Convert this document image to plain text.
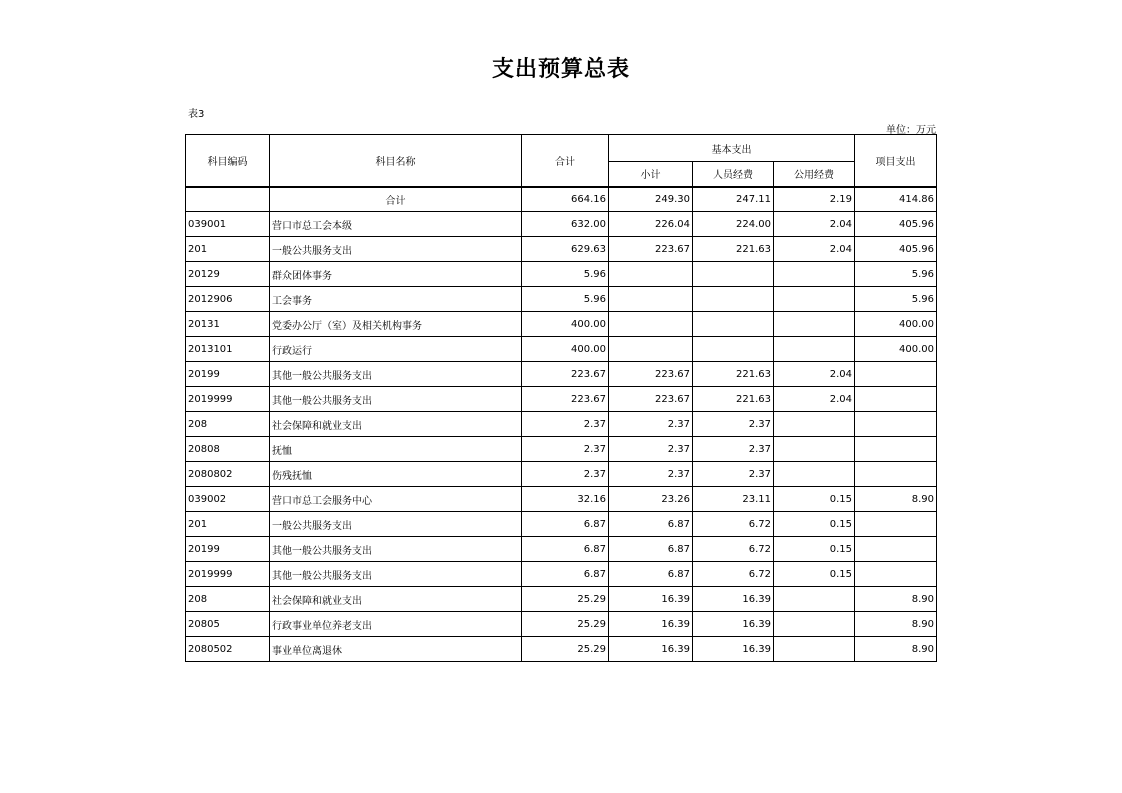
支出预算总表
表3
单位：万元
科目编码	科目名称	合计	基本支出			项目支出
			小计	人员经费	公用经费	
	合计	664.16	249.30	247.11	2.19	414.86
039001	营口市总工会本级	632.00	226.04	224.00	2.04	405.96
201	一般公共服务支出	629.63	223.67	221.63	2.04	405.96
20129	群众团体事务	5.96				5.96
2012906	工会事务	5.96				5.96
20131	党委办公厅（室）及相关机构事务	400.00				400.00
2013101	行政运行	400.00				400.00
20199	其他一般公共服务支出	223.67	223.67	221.63	2.04	
2019999	其他一般公共服务支出	223.67	223.67	221.63	2.04	
208	社会保障和就业支出	2.37	2.37	2.37		
20808	抚恤	2.37	2.37	2.37		
2080802	伤残抚恤	2.37	2.37	2.37		
039002	营口市总工会服务中心	32.16	23.26	23.11	0.15	8.90
201	一般公共服务支出	6.87	6.87	6.72	0.15	
20199	其他一般公共服务支出	6.87	6.87	6.72	0.15	
2019999	其他一般公共服务支出	6.87	6.87	6.72	0.15	
208	社会保障和就业支出	25.29	16.39	16.39		8.90
20805	行政事业单位养老支出	25.29	16.39	16.39		8.90
2080502	事业单位离退休	25.29	16.39	16.39		8.90
